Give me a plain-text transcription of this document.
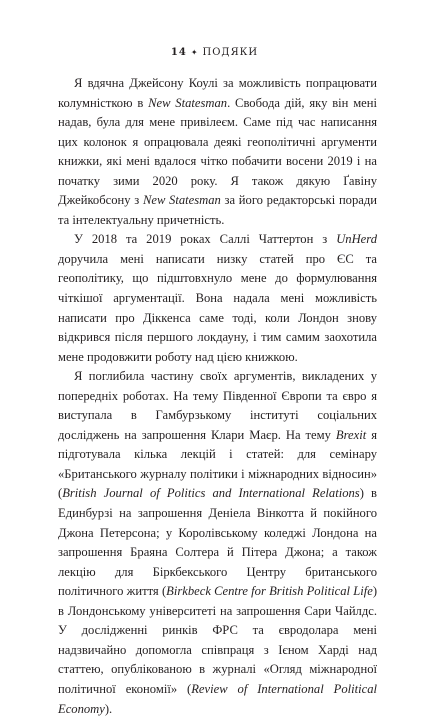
14 ✦ ПОДЯКИ

Я вдячна Джейсону Коулі за можливість попрацювати колумністкою в New Statesman. Свобода дій, яку він мені надав, була для мене привілеєм. Саме під час написання цих колонок я опрацювала деякі геополітичні аргументи книжки, які мені вдалося чітко побачити восени 2019 і на початку зими 2020 року. Я також дякую Ґавіну Джейкобсону з New Statesman за його редакторські поради та інтелектуальну причетність.

У 2018 та 2019 роках Саллі Чаттертон з UnHerd доручила мені написати низку статей про ЄС та геополітику, що підштовхнуло мене до формулювання чіткішої аргументації. Вона надала мені можливість написати про Діккенса саме тоді, коли Лондон знову відкрився після першого локдауну, і тим самим заохотила мене продовжити роботу над цією книжкою.

Я поглибила частину своїх аргументів, викладених у попередніх роботах. На тему Південної Європи та євро я виступала в Гамбурзькому інституті соціальних досліджень на запрошення Клари Маєр. На тему Brexit я підготувала кілька лекцій і статей: для семінару «Британського журналу політики і міжнародних відносин» (British Journal of Politics and International Relations) в Единбурзі на запрошення Деніела Вінкотта й покійного Джона Петерсона; у Королівському коледжі Лондона на запрошення Браяна Солтера й Пітера Джона; а також лекцію для Біркбекського Центру британського політичного життя (Birkbeck Centre for British Political Life) в Лондонському університеті на запрошення Сари Чайлдс. У дослідженні ринків ФРС та євродолара мені надзвичайно допомогла співпраця з Ієном Харді над статтею, опублікованою в журналі «Огляд міжнародної політичної економії» (Review of International Political Economy).
